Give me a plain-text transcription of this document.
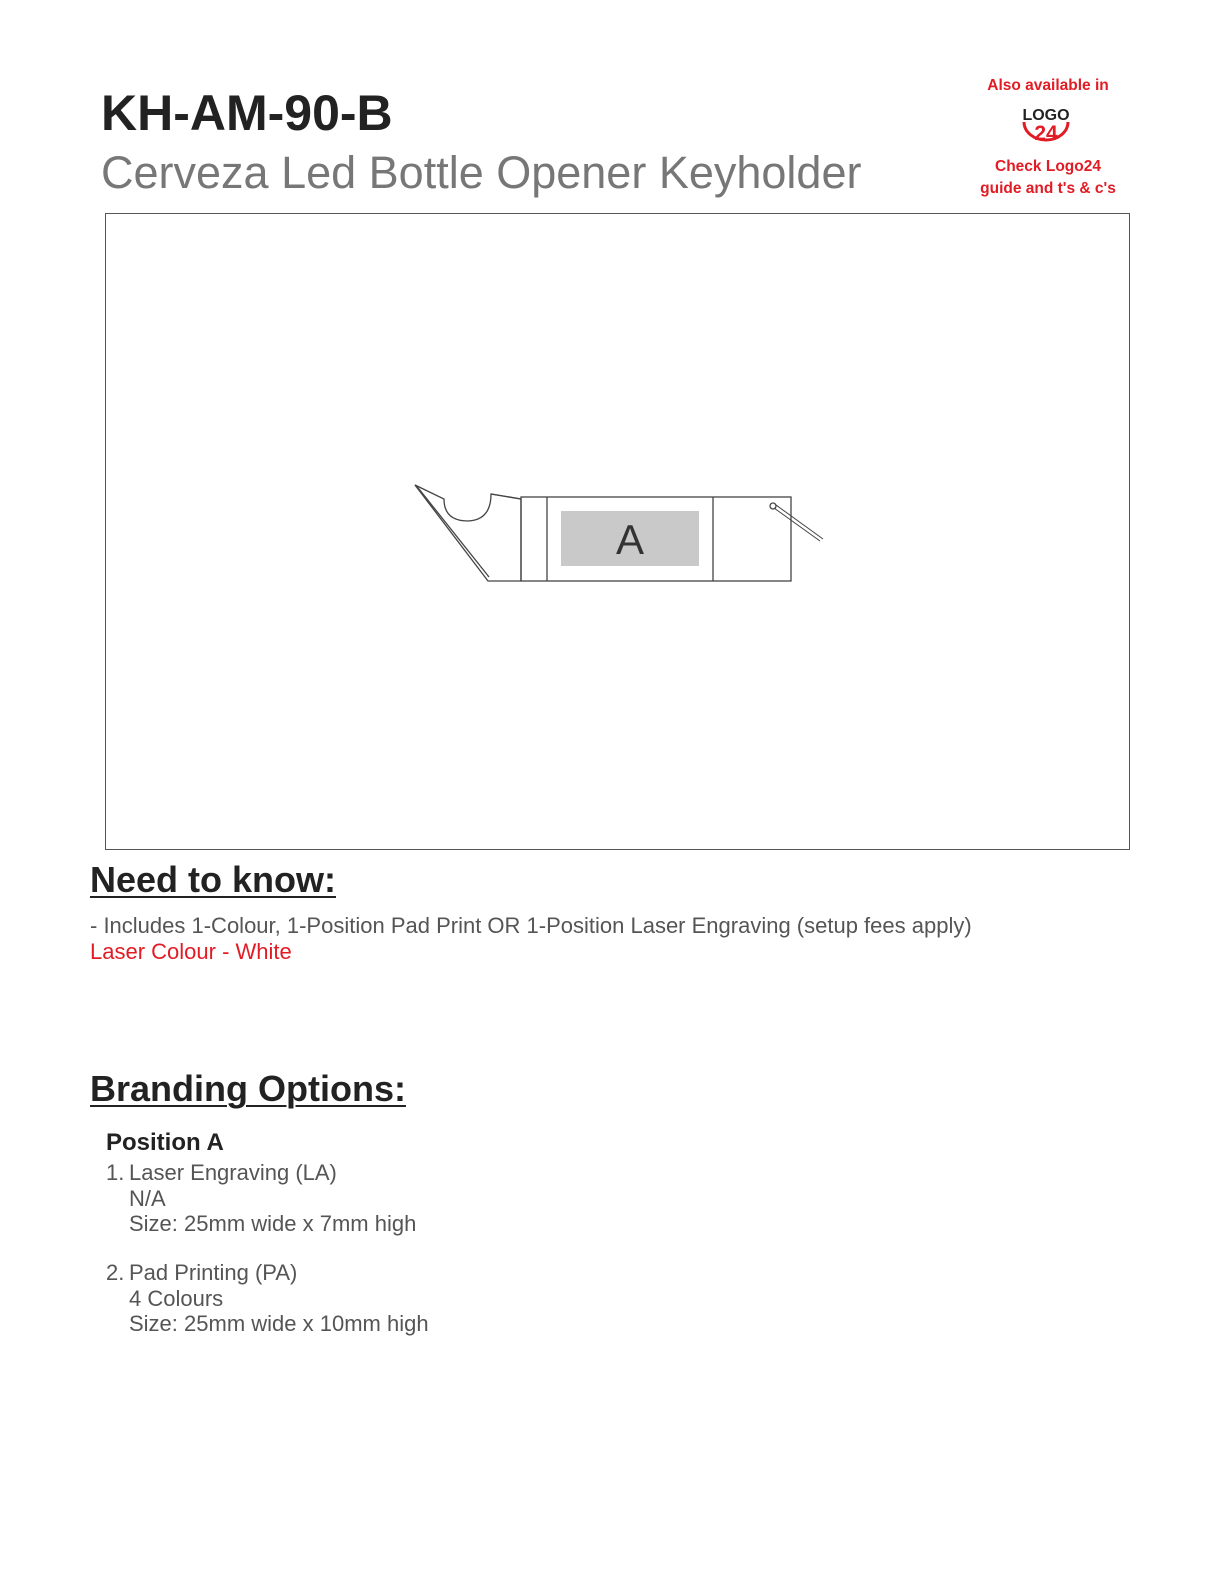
KH-AM-90-B
Cerveza Led Bottle Opener Keyholder
Also available in
LOGO
24
Check Logo24
guide and t's & c's
A
Need to know:
- Includes 1-Colour, 1-Position Pad Print OR 1-Position Laser Engraving (setup fees apply)
Laser Colour - White
Branding Options:
Position A
1. Laser Engraving (LA)
N/A
Size: 25mm wide x 7mm high
2. Pad Printing (PA)
4 Colours
Size: 25mm wide x 10mm high
